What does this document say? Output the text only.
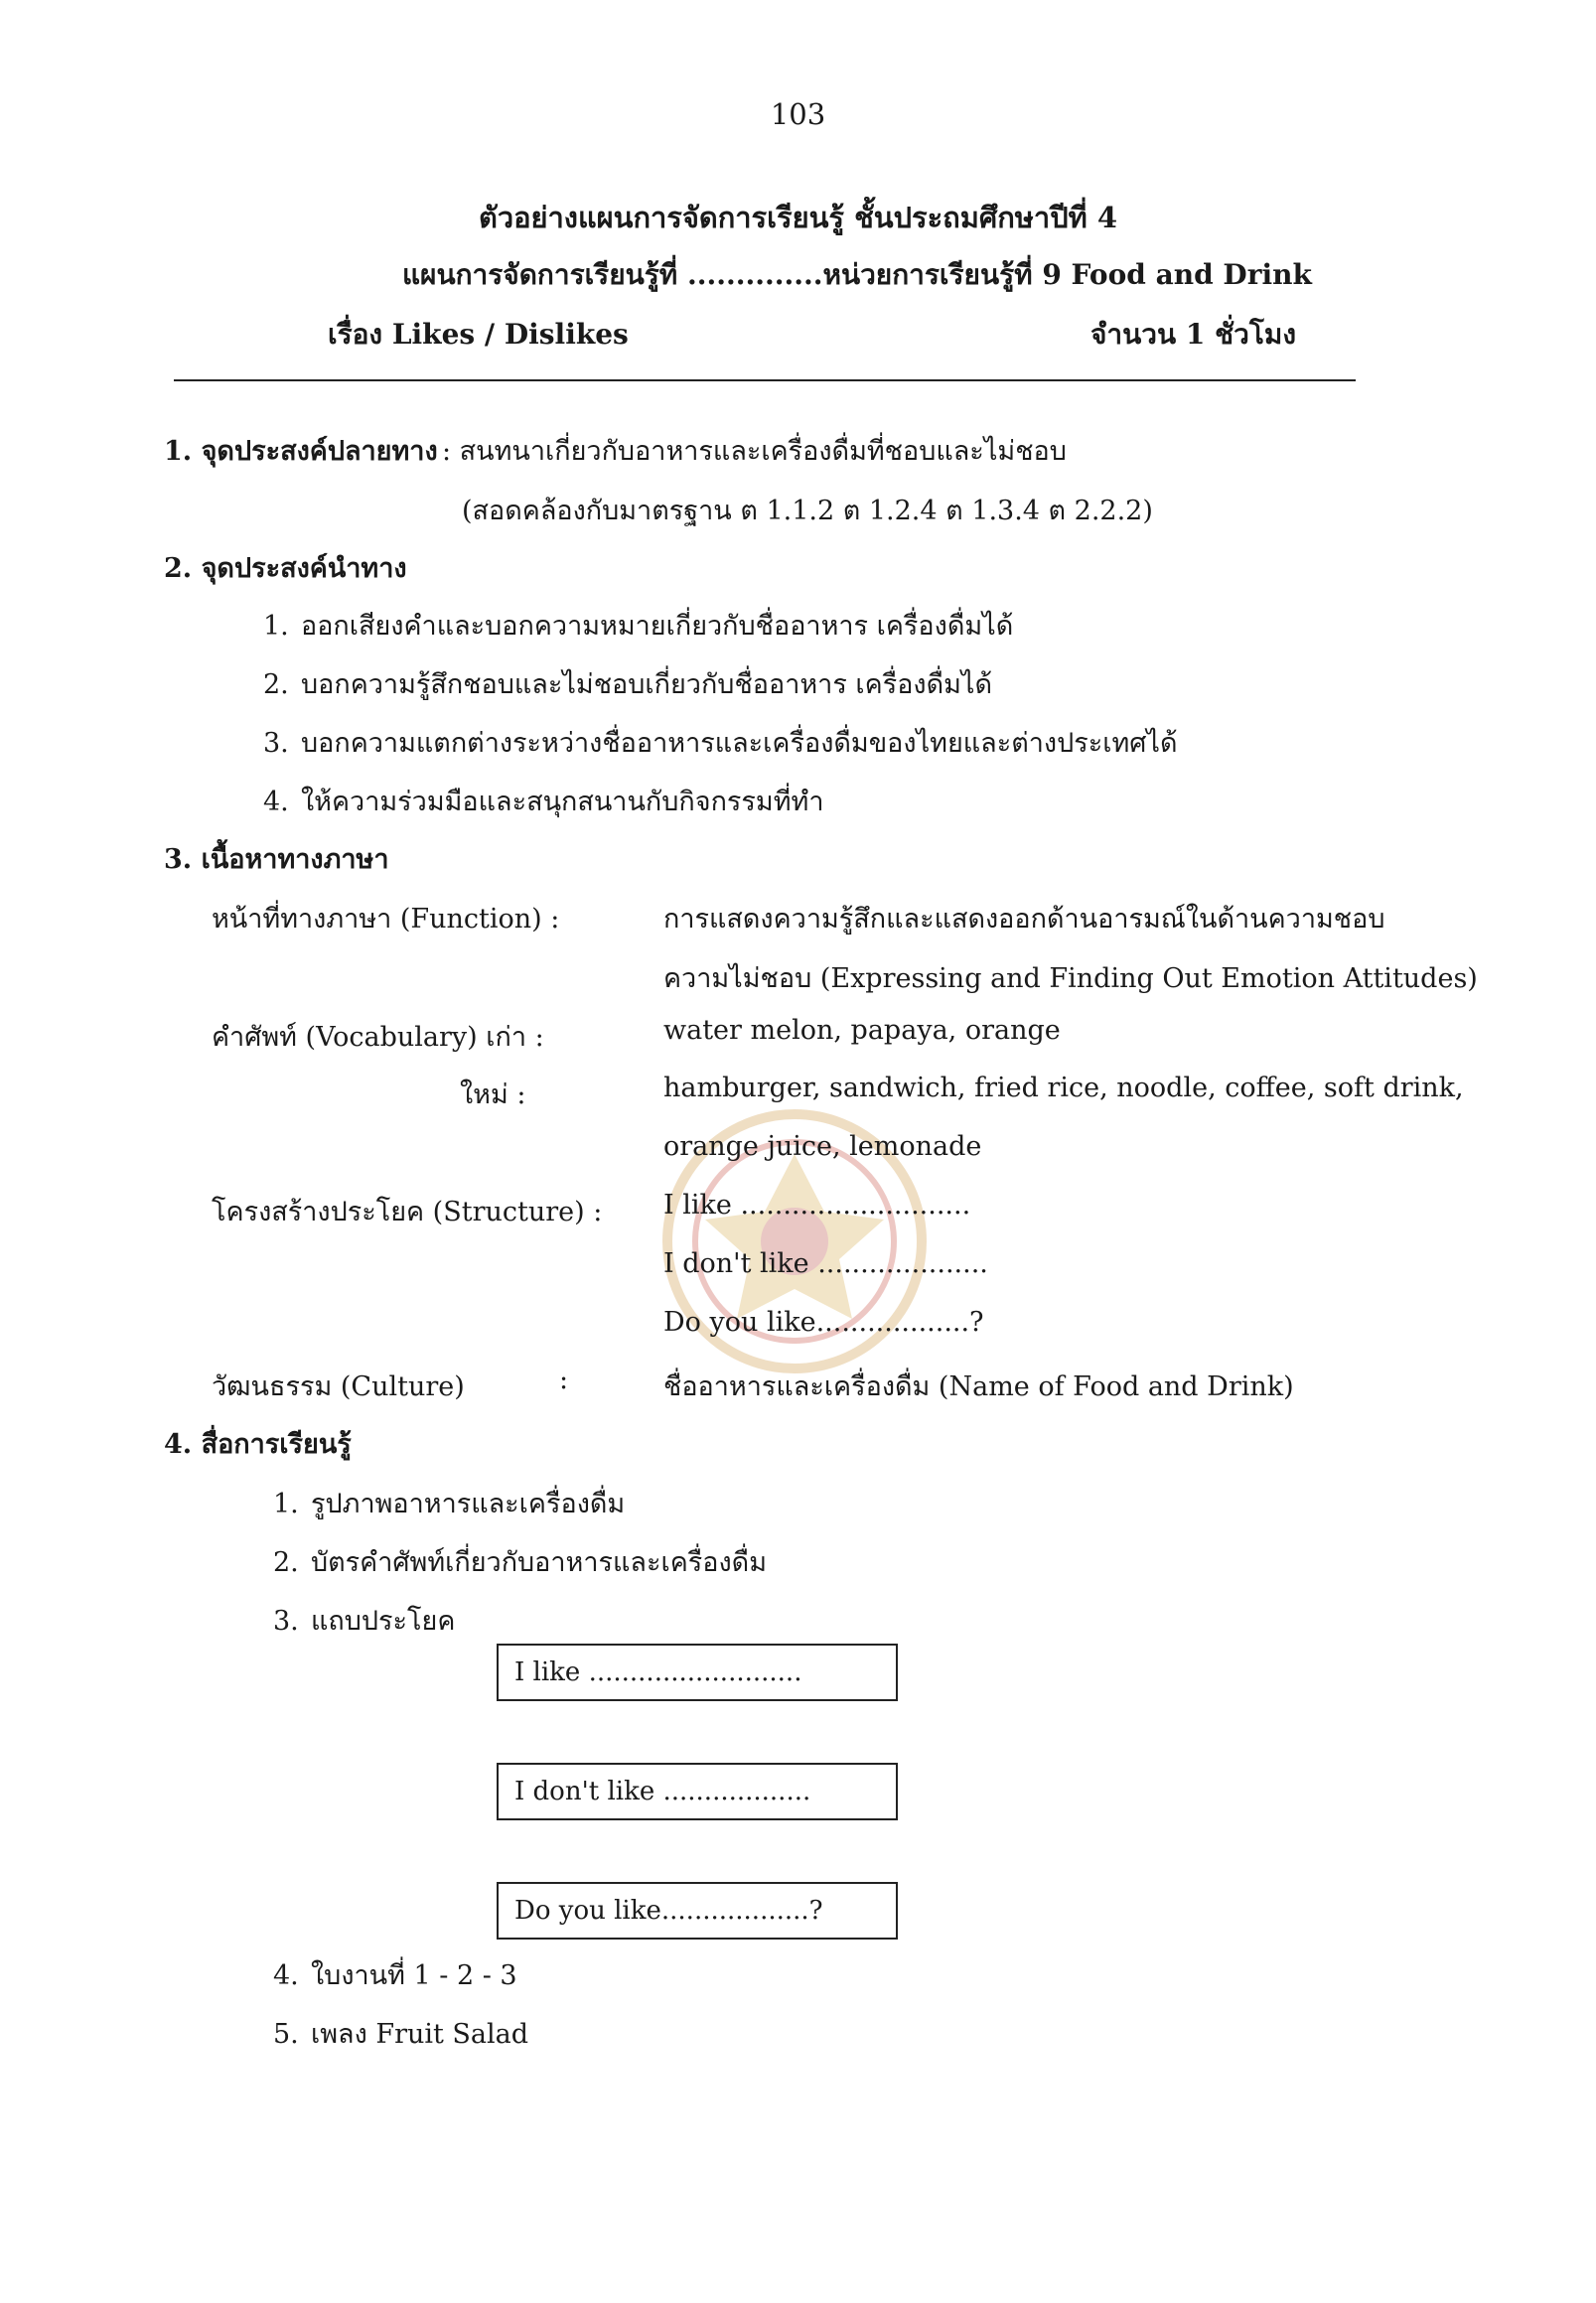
103
ตัวอย่างแผนการจัดการเรียนรู้ ชั้นประถมศึกษาปีที่ 4
แผนการจัดการเรียนรู้ที่ ..............หน่วยการเรียนรู้ที่ 9 Food and Drink
เรื่อง Likes / Dislikes	จำนวน 1 ชั่วโมง
1. จุดประสงค์ปลายทาง : สนทนาเกี่ยวกับอาหารและเครื่องดื่มที่ชอบและไม่ชอบ
(สอดคล้องกับมาตรฐาน ต 1.1.2 ต 1.2.4 ต 1.3.4 ต 2.2.2)
2. จุดประสงค์นำทาง
1. ออกเสียงคำและบอกความหมายเกี่ยวกับชื่ออาหาร เครื่องดื่มได้
2. บอกความรู้สึกชอบและไม่ชอบเกี่ยวกับชื่ออาหาร เครื่องดื่มได้
3. บอกความแตกต่างระหว่างชื่ออาหารและเครื่องดื่มของไทยและต่างประเทศได้
4. ให้ความร่วมมือและสนุกสนานกับกิจกรรมที่ทำ
3. เนื้อหาทางภาษา
หน้าที่ทางภาษา (Function) :	การแสดงความรู้สึกและแสดงออกด้านอารมณ์ในด้านความชอบ
ความไม่ชอบ (Expressing and Finding Out Emotion Attitudes)
คำศัพท์ (Vocabulary) เก่า :	water melon, papaya, orange
ใหม่ :	hamburger, sandwich, fried rice, noodle, coffee, soft drink,
orange juice, lemonade
โครงสร้างประโยค (Structure) : I like ...........................
I don't like ....................
Do you like..................?
วัฒนธรรม (Culture)	:	ชื่ออาหารและเครื่องดื่ม (Name of Food and Drink)
4. สื่อการเรียนรู้
1. รูปภาพอาหารและเครื่องดื่ม
2. บัตรคำศัพท์เกี่ยวกับอาหารและเครื่องดื่ม
3. แถบประโยค
I like ..........................
I don't like ..................
Do you like..................?
4. ใบงานที่ 1 - 2 - 3
5. เพลง Fruit Salad
